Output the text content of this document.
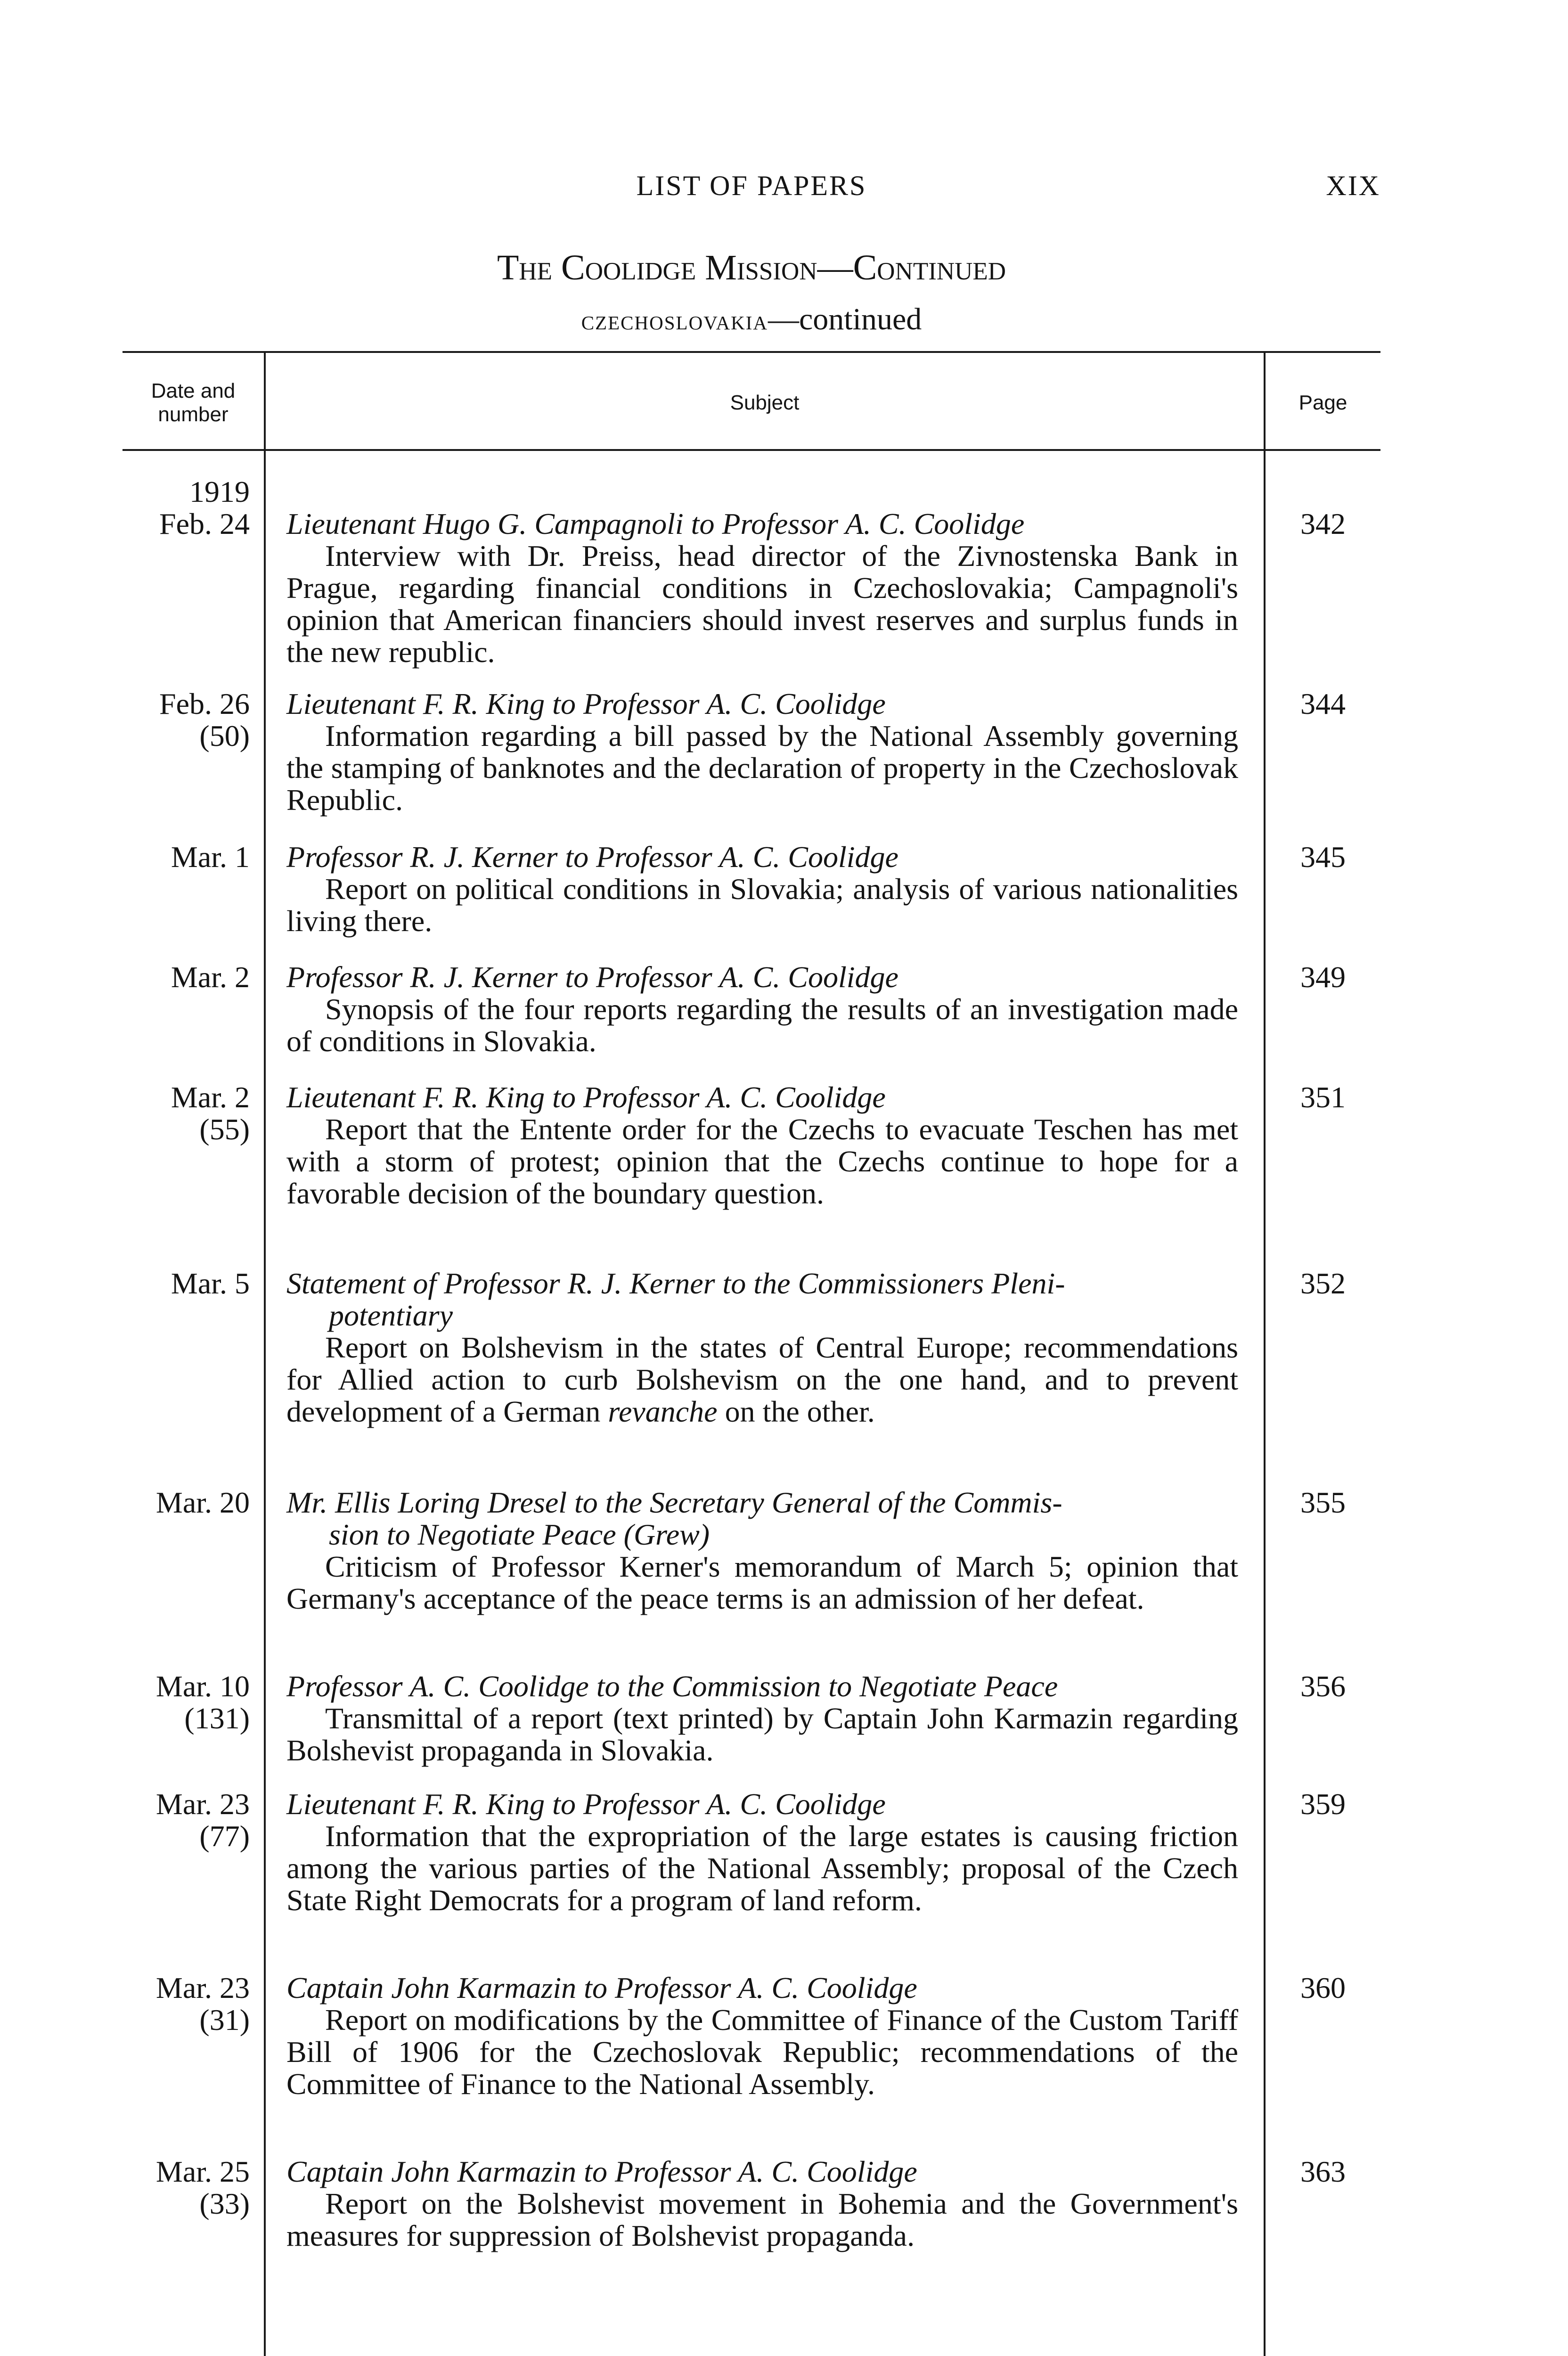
LIST OF PAPERS	XIX
The Coolidge Mission—Continued
czechoslovakia—continued
Date and
number
Subject	Page
1919
Feb. 24 Lieutenant Hugo G. Campagnoli to Professor A. C. Coolidge
Interview with Dr. Preiss, head director of the Zivnostenska Bank in Prague, regarding financial conditions in Czechoslovakia; Campagnoli's opinion that American financiers should invest reserves and surplus funds in the new republic.
342
Feb. 26
(50)
Lieutenant F. R. King to Professor A. C. Coolidge
Information regarding a bill passed by the National Assembly governing the stamping of banknotes and the declaration of property in the Czechoslovak Republic.
344
Mar. 1 Professor R. J. Kerner to Professor A. C. Coolidge
Report on political conditions in Slovakia; analysis of various nationalities living there.
345
Mar. 2 Professor R. J. Kerner to Professor A. C. Coolidge
Synopsis of the four reports regarding the results of an investigation made of conditions in Slovakia.
349
Mar. 2
(55)
Lieutenant F. R. King to Professor A. C. Coolidge
Report that the Entente order for the Czechs to evacuate Teschen has met with a storm of protest; opinion that the Czechs continue to hope for a favorable decision of the boundary question.
351
Mar. 5 Statement of Professor R. J. Kerner to the Commissioners Pleni-
potentiary
Report on Bolshevism in the states of Central Europe; recommendations for Allied action to curb Bolshevism on the one hand, and to prevent development of a German revanche on the other.
352
Mar. 20 Mr. Ellis Loring Dresel to the Secretary General of the Commis-
sion to Negotiate Peace (Grew)
Criticism of Professor Kerner's memorandum of March 5; opinion that Germany's acceptance of the peace terms is an admission of her defeat.
355
Mar. 10
(131)
Professor A. C. Coolidge to the Commission to Negotiate Peace
Transmittal of a report (text printed) by Captain John Karmazin regarding Bolshevist propaganda in Slovakia.
356
Mar. 23
(77)
Lieutenant F. R. King to Professor A. C. Coolidge
Information that the expropriation of the large estates is causing friction among the various parties of the National Assembly; proposal of the Czech State Right Democrats for a program of land reform.
359
Mar. 23
(31)
Captain John Karmazin to Professor A. C. Coolidge
Report on modifications by the Committee of Finance of the Custom Tariff Bill of 1906 for the Czechoslovak Republic; recommendations of the Committee of Finance to the National Assembly.
360
Mar. 25
(33)
Captain John Karmazin to Professor A. C. Coolidge
Report on the Bolshevist movement in Bohemia and the Government's measures for suppression of Bolshevist propaganda.
363
